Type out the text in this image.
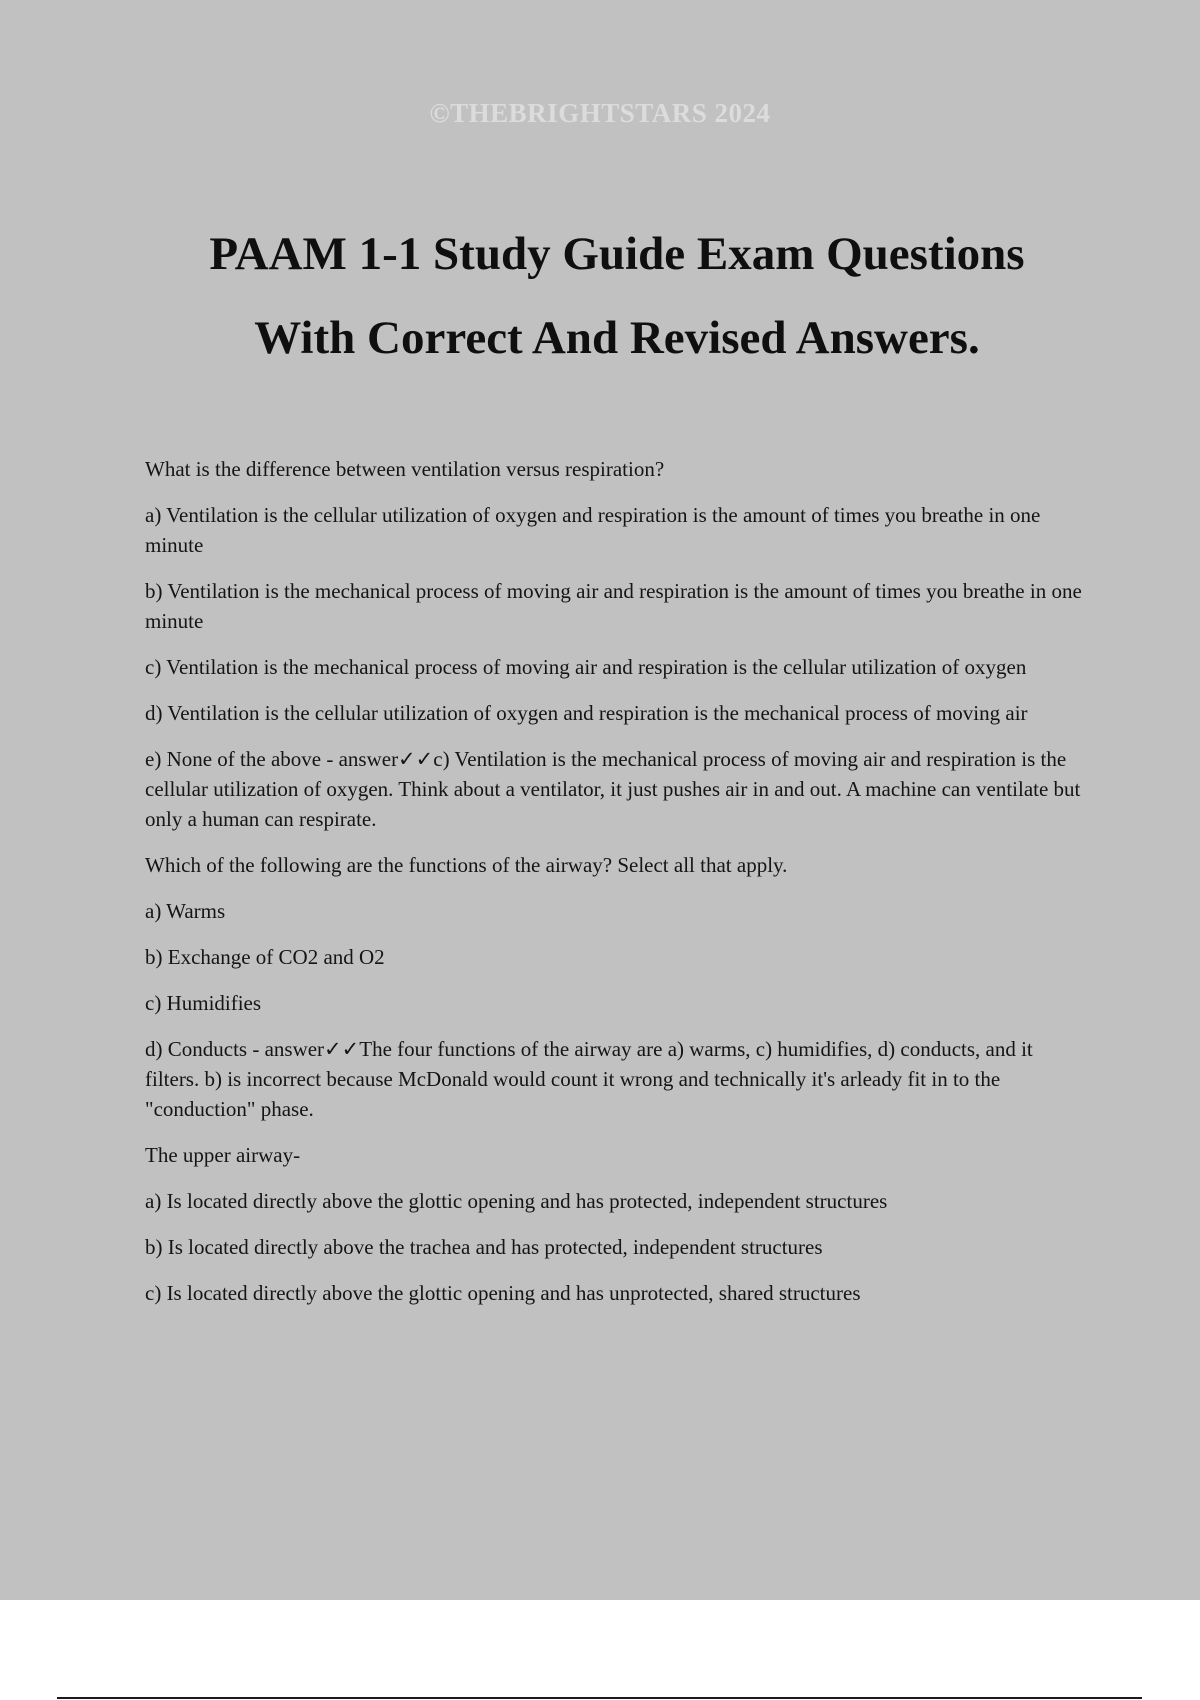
©THEBRIGHTSTARS 2024
PAAM 1-1 Study Guide Exam Questions
With Correct And Revised Answers.

What is the difference between ventilation versus respiration?

a) Ventilation is the cellular utilization of oxygen and respiration is the amount of times you breathe in one minute

b) Ventilation is the mechanical process of moving air and respiration is the amount of times you breathe in one minute

c) Ventilation is the mechanical process of moving air and respiration is the cellular utilization of oxygen

d) Ventilation is the cellular utilization of oxygen and respiration is the mechanical process of moving air

e) None of the above - answer✓✓c) Ventilation is the mechanical process of moving air and respiration is the cellular utilization of oxygen. Think about a ventilator, it just pushes air in and out. A machine can ventilate but only a human can respirate.

Which of the following are the functions of the airway? Select all that apply.

a) Warms

b) Exchange of CO2 and O2

c) Humidifies

d) Conducts - answer✓✓The four functions of the airway are a) warms, c) humidifies, d) conducts, and it filters. b) is incorrect because McDonald would count it wrong and technically it's arleady fit in to the "conduction" phase.

The upper airway-

a) Is located directly above the glottic opening and has protected, independent structures

b) Is located directly above the trachea and has protected, independent structures

c) Is located directly above the glottic opening and has unprotected, shared structures
